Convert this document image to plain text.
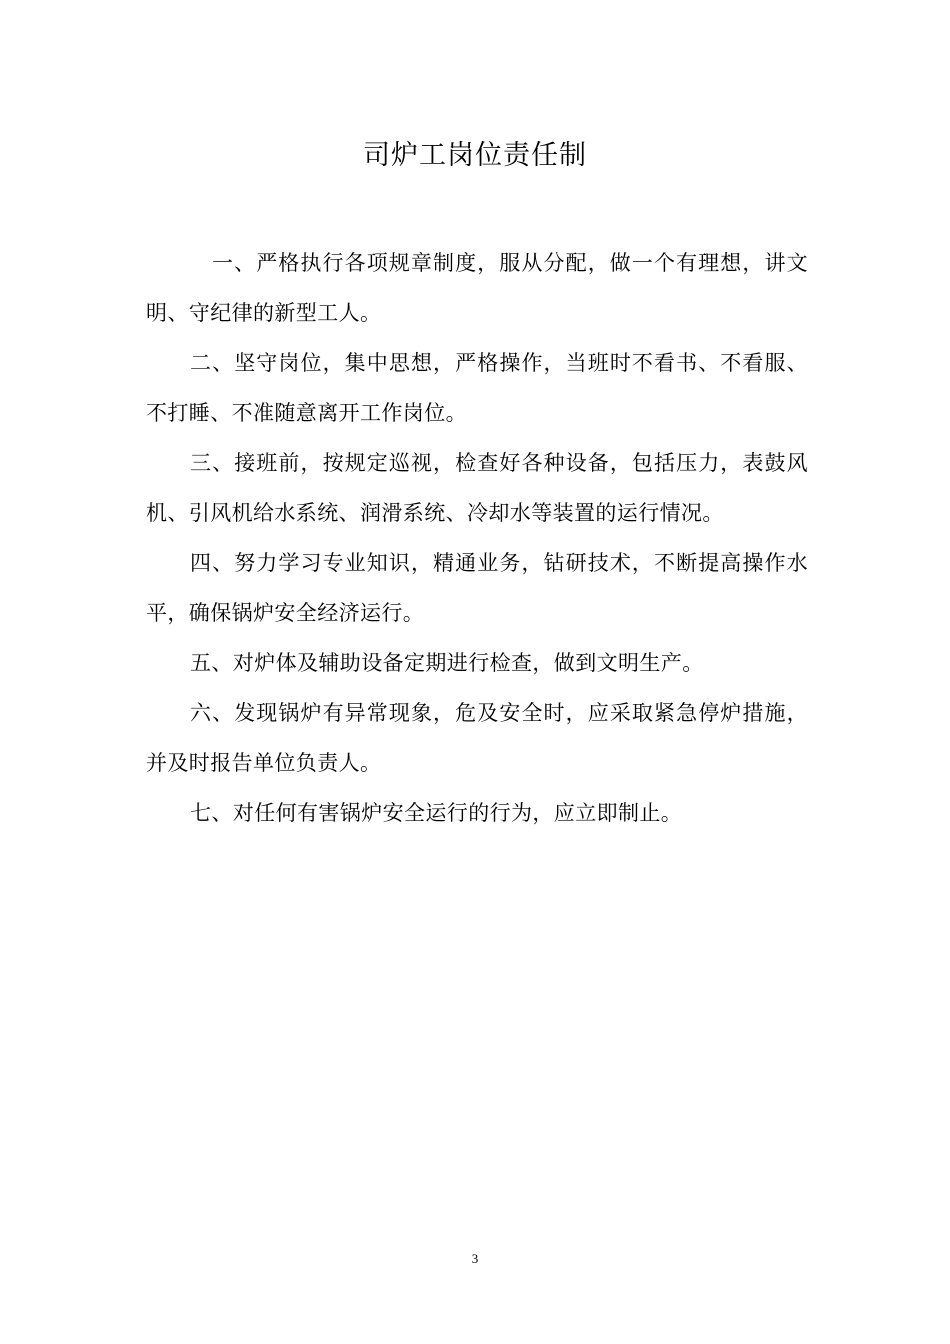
司炉工岗位责任制

一、严格执行各项规章制度，服从分配，做一个有理想，讲文明、守纪律的新型工人。

二、坚守岗位，集中思想，严格操作，当班时不看书、不看服、不打睡、不准随意离开工作岗位。

三、接班前，按规定巡视，检查好各种设备，包括压力，表鼓风机、引风机给水系统、润滑系统、冷却水等装置的运行情况。

四、努力学习专业知识，精通业务，钻研技术，不断提高操作水平，确保锅炉安全经济运行。

五、对炉体及辅助设备定期进行检查，做到文明生产。

六、发现锅炉有异常现象，危及安全时，应采取紧急停炉措施，并及时报告单位负责人。

七、对任何有害锅炉安全运行的行为，应立即制止。

3
